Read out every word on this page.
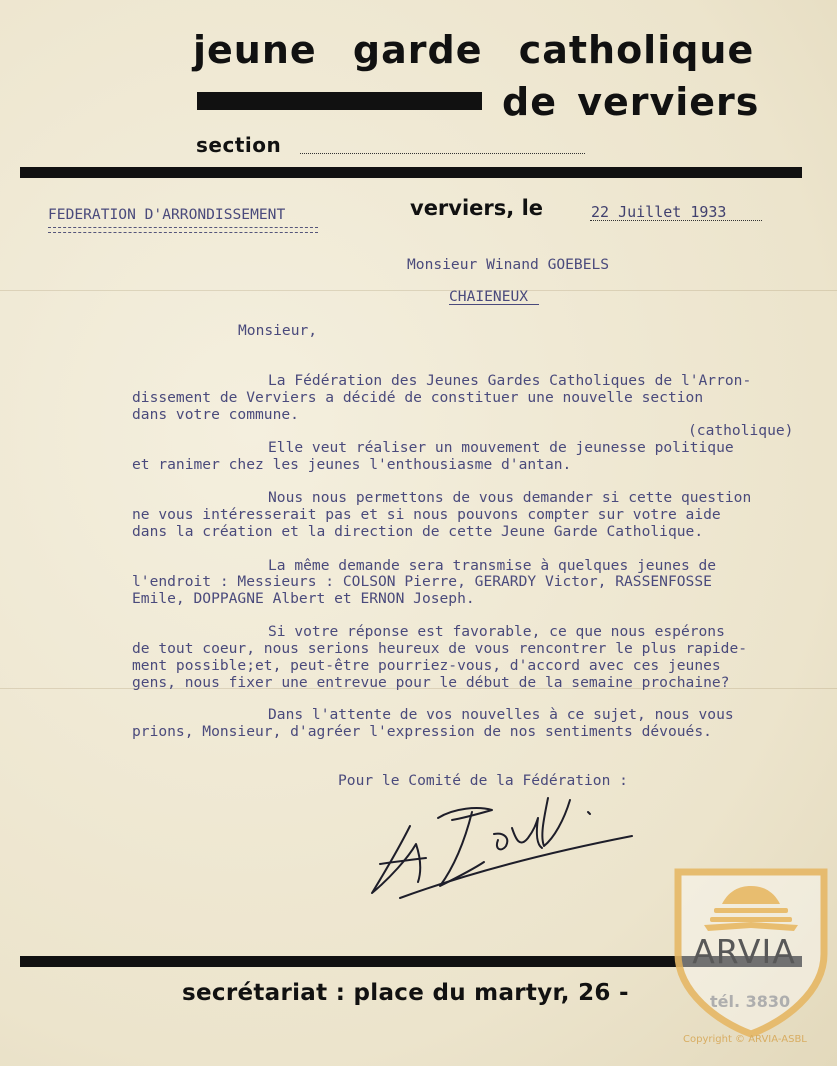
jeune garde catholique
de verviers
section
FEDERATION D'ARRONDISSEMENT	verviers, le	22 Juillet 1933
Monsieur Winand GOEBELS
CHAIENEUX
Monsieur,
La Fédération des Jeunes Gardes Catholiques de l'Arron-
dissement de Verviers a décidé de constituer une nouvelle section
dans votre commune.
(catholique)
Elle veut réaliser un mouvement de jeunesse politique
et ranimer chez les jeunes l'enthousiasme d'antan.
Nous nous permettons de vous demander si cette question
ne vous intéresserait pas et si nous pouvons compter sur votre aide
dans la création et la direction de cette Jeune Garde Catholique.
La même demande sera transmise à quelques jeunes de
l'endroit : Messieurs : COLSON Pierre, GERARDY Victor, RASSENFOSSE
Emile, DOPPAGNE Albert et ERNON Joseph.
Si votre réponse est favorable, ce que nous espérons
de tout coeur, nous serions heureux de vous rencontrer le plus rapide-
ment possible;et, peut-être pourriez-vous, d'accord avec ces jeunes
gens, nous fixer une entrevue pour le début de la semaine prochaine?
Dans l'attente de vos nouvelles à ce sujet, nous vous
prions, Monsieur, d'agréer l'expression de nos sentiments dévoués.
Pour le Comité de la Fédération :
secrétariat : place du martyr, 26 -
ARVIA
Copyright © ARVIA-ASBL
